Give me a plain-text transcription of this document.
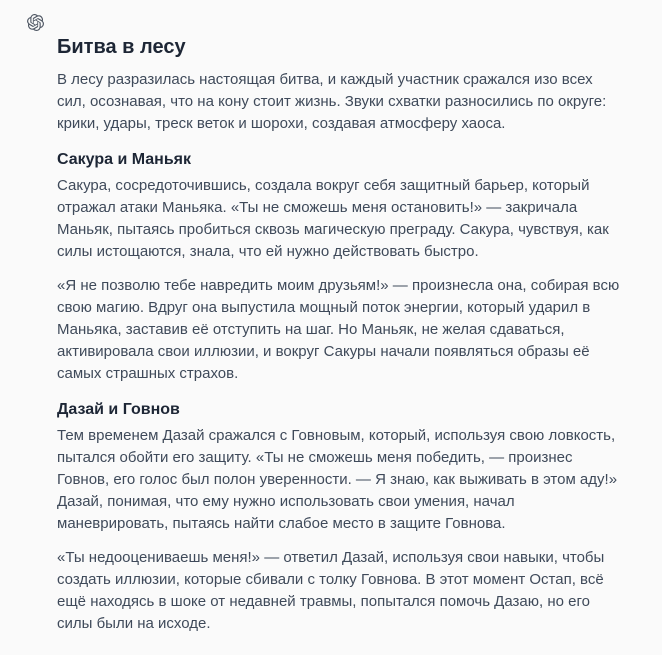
Битва в лесу

В лесу разразилась настоящая битва, и каждый участник сражался изо всех сил, осознавая, что на кону стоит жизнь. Звуки схватки разносились по округе: крики, удары, треск веток и шорохи, создавая атмосферу хаоса.

Сакура и Маньяк

Сакура, сосредоточившись, создала вокруг себя защитный барьер, который отражал атаки Маньяка. «Ты не сможешь меня остановить!» — закричала Маньяк, пытаясь пробиться сквозь магическую преграду. Сакура, чувствуя, как силы истощаются, знала, что ей нужно действовать быстро.

«Я не позволю тебе навредить моим друзьям!» — произнесла она, собирая всю свою магию. Вдруг она выпустила мощный поток энергии, который ударил в Маньяка, заставив её отступить на шаг. Но Маньяк, не желая сдаваться, активировала свои иллюзии, и вокруг Сакуры начали появляться образы её самых страшных страхов.

Дазай и Говнов

Тем временем Дазай сражался с Говновым, который, используя свою ловкость, пытался обойти его защиту. «Ты не сможешь меня победить, — произнес Говнов, его голос был полон уверенности. — Я знаю, как выживать в этом аду!» Дазай, понимая, что ему нужно использовать свои умения, начал маневрировать, пытаясь найти слабое место в защите Говнова.

«Ты недооцениваешь меня!» — ответил Дазай, используя свои навыки, чтобы создать иллюзии, которые сбивали с толку Говнова. В этот момент Остап, всё ещё находясь в шоке от недавней травмы, попытался помочь Дазаю, но его силы были на исходе.
